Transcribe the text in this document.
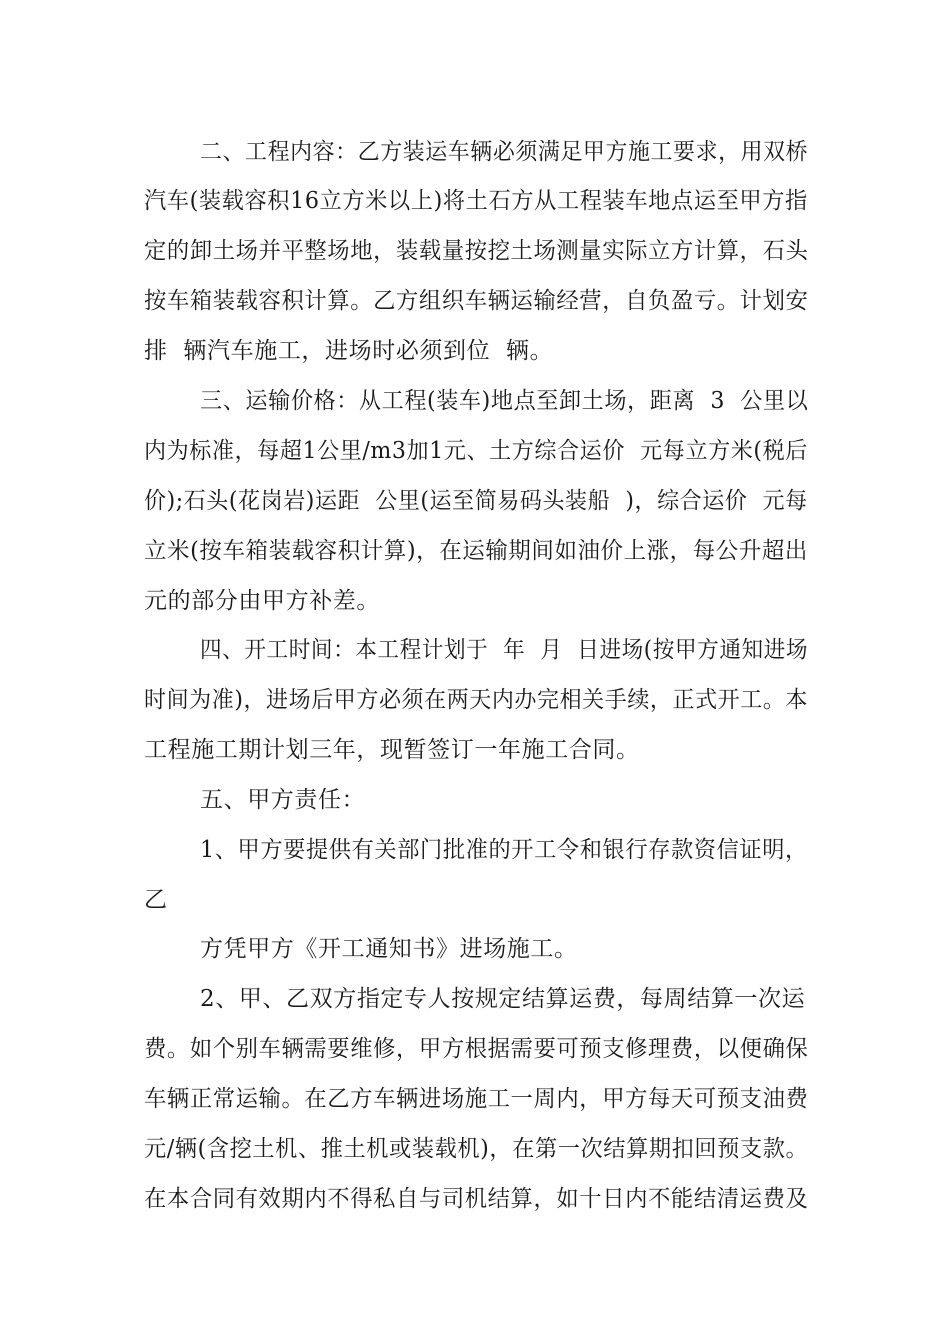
二、工程内容：乙方装运车辆必须满足甲方施工要求，用双桥
汽车(装载容积16立方米以上)将土石方从工程装车地点运至甲方指
定的卸土场并平整场地，装载量按挖土场测量实际立方计算，石头
按车箱装载容积计算。乙方组织车辆运输经营，自负盈亏。计划安
排  辆汽车施工，进场时必须到位  辆。
三、运输价格：从工程(装车)地点至卸土场，距离  3  公里以
内为标准，每超1公里/m3加1元、土方综合运价  元每立方米(税后
价);石头(花岗岩)运距  公里(运至简易码头装船  )，综合运价  元每
立米(按车箱装载容积计算)，在运输期间如油价上涨，每公升超出
元的部分由甲方补差。
四、开工时间：本工程计划于  年  月  日进场(按甲方通知进场
时间为准)，进场后甲方必须在两天内办完相关手续，正式开工。本
工程施工期计划三年，现暂签订一年施工合同。
五、甲方责任：
1、甲方要提供有关部门批准的开工令和银行存款资信证明，
乙
方凭甲方《开工通知书》进场施工。
2、甲、乙双方指定专人按规定结算运费，每周结算一次运
费。如个别车辆需要维修，甲方根据需要可预支修理费，以便确保
车辆正常运输。在乙方车辆进场施工一周内，甲方每天可预支油费
元/辆(含挖土机、推土机或装载机)，在第一次结算期扣回预支款。
在本合同有效期内不得私自与司机结算，如十日内不能结清运费及
